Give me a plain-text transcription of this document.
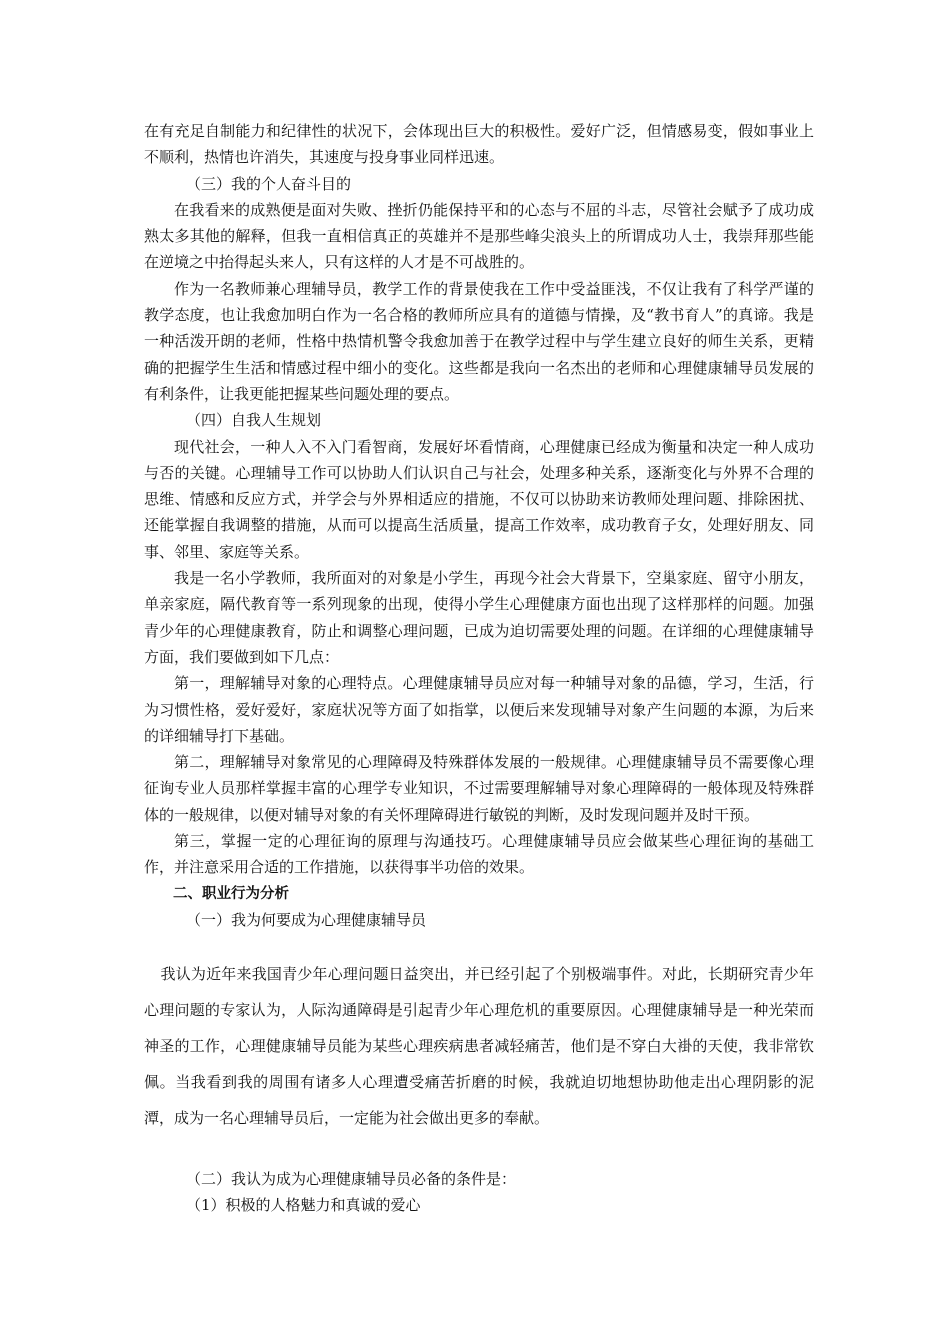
在有充足自制能力和纪律性的状况下，会体现出巨大的积极性。爱好广泛，但情感易变，假如事业上不顺利，热情也许消失，其速度与投身事业同样迅速。

（三）我的个人奋斗目的

在我看来的成熟便是面对失败、挫折仍能保持平和的心态与不屈的斗志，尽管社会赋予了成功成熟太多其他的解释，但我一直相信真正的英雄并不是那些峰尖浪头上的所谓成功人士，我崇拜那些能在逆境之中抬得起头来人，只有这样的人才是不可战胜的。

作为一名教师兼心理辅导员，教学工作的背景使我在工作中受益匪浅，不仅让我有了科学严谨的教学态度，也让我愈加明白作为一名合格的教师所应具有的道德与情操，及“教书育人”的真谛。我是一种活泼开朗的老师，性格中热情机警令我愈加善于在教学过程中与学生建立良好的师生关系，更精确的把握学生生活和情感过程中细小的变化。这些都是我向一名杰出的老师和心理健康辅导员发展的有利条件，让我更能把握某些问题处理的要点。

（四）自我人生规划

现代社会，一种人入不入门看智商，发展好坏看情商，心理健康已经成为衡量和决定一种人成功与否的关键。心理辅导工作可以协助人们认识自己与社会，处理多种关系，逐渐变化与外界不合理的思维、情感和反应方式，并学会与外界相适应的措施，不仅可以协助来访教师处理问题、排除困扰、还能掌握自我调整的措施，从而可以提高生活质量，提高工作效率，成功教育子女，处理好朋友、同事、邻里、家庭等关系。

我是一名小学教师，我所面对的对象是小学生，再现今社会大背景下，空巢家庭、留守小朋友，单亲家庭，隔代教育等一系列现象的出现，使得小学生心理健康方面也出现了这样那样的问题。加强青少年的心理健康教育，防止和调整心理问题，已成为迫切需要处理的问题。在详细的心理健康辅导方面，我们要做到如下几点：

第一，理解辅导对象的心理特点。心理健康辅导员应对每一种辅导对象的品德，学习，生活，行为习惯性格，爱好爱好，家庭状况等方面了如指掌，以便后来发现辅导对象产生问题的本源，为后来的详细辅导打下基础。

第二，理解辅导对象常见的心理障碍及特殊群体发展的一般规律。心理健康辅导员不需要像心理征询专业人员那样掌握丰富的心理学专业知识，不过需要理解辅导对象心理障碍的一般体现及特殊群体的一般规律，以便对辅导对象的有关怀理障碍进行敏锐的判断，及时发现问题并及时干预。

第三，掌握一定的心理征询的原理与沟通技巧。心理健康辅导员应会做某些心理征询的基础工作，并注意采用合适的工作措施，以获得事半功倍的效果。

二、职业行为分析

（一）我为何要成为心理健康辅导员

我认为近年来我国青少年心理问题日益突出，并已经引起了个别极端事件。对此，长期研究青少年心理问题的专家认为，人际沟通障碍是引起青少年心理危机的重要原因。心理健康辅导是一种光荣而神圣的工作，心理健康辅导员能为某些心理疾病患者减轻痛苦，他们是不穿白大褂的天使，我非常钦佩。当我看到我的周围有诸多人心理遭受痛苦折磨的时候，我就迫切地想协助他走出心理阴影的泥潭，成为一名心理辅导员后，一定能为社会做出更多的奉献。

（二）我认为成为心理健康辅导员必备的条件是：

（1）积极的人格魅力和真诚的爱心
